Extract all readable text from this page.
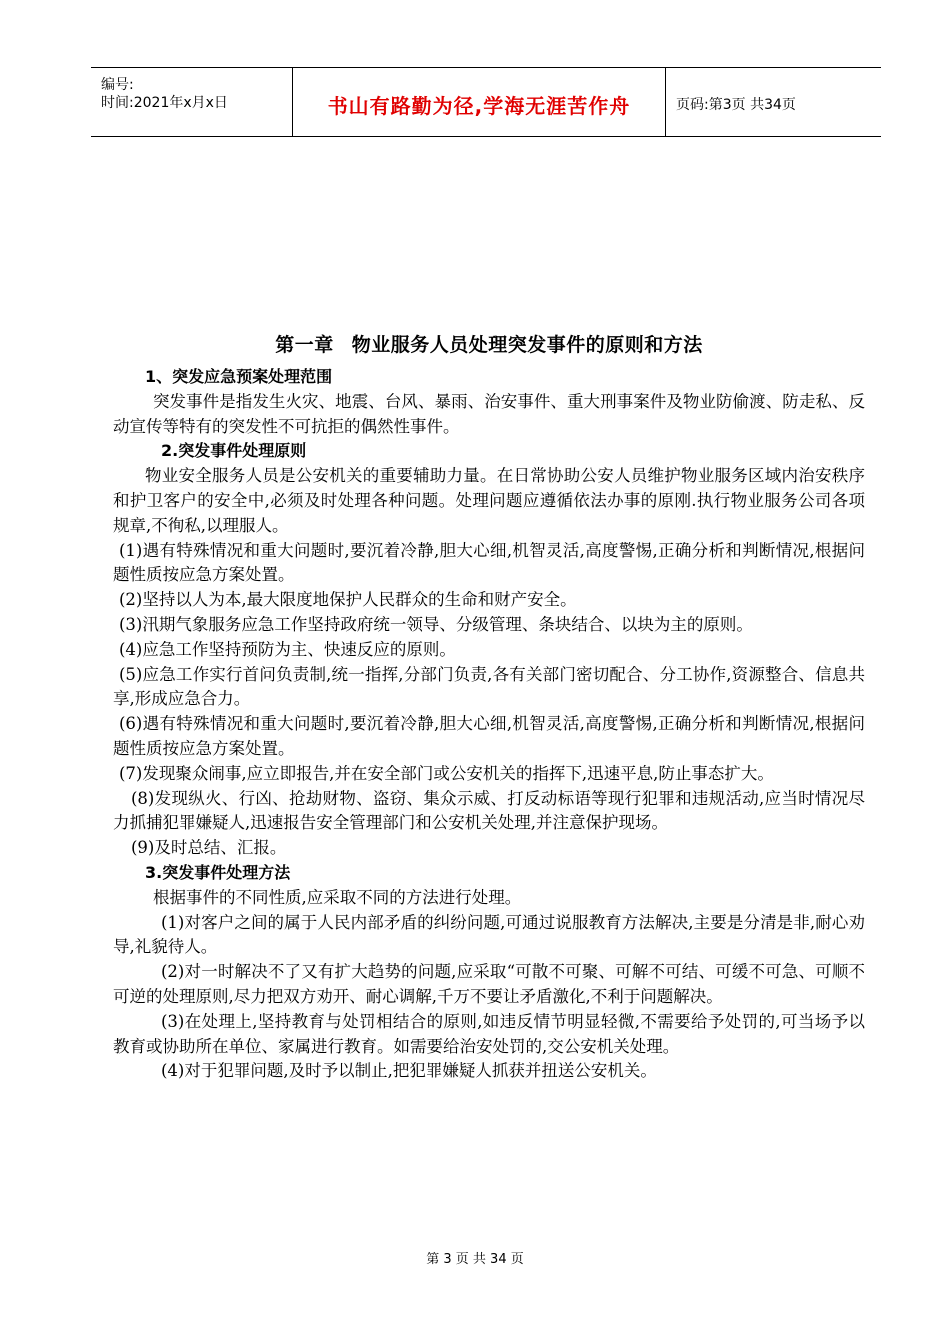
编号:
时间:2021年x月x日	书山有路勤为径,学海无涯苦作舟	页码:第3页 共34页
第一章 物业服务人员处理突发事件的原则和方法

1、突发应急预案处理范围

突发事件是指发生火灾、地震、台风、暴雨、治安事件、重大刑事案件及物业防偷渡、防走私、反动宣传等特有的突发性不可抗拒的偶然性事件。

2.突发事件处理原则

物业安全服务人员是公安机关的重要辅助力量。在日常协助公安人员维护物业服务区域内治安秩序和护卫客户的安全中,必须及时处理各种问题。处理问题应遵循依法办事的原刚.执行物业服务公司各项规章,不徇私,以理服人。

(1)遇有特殊情况和重大问题时,要沉着冷静,胆大心细,机智灵活,高度警惕,正确分析和判断情况,根据问题性质按应急方案处置。

(2)坚持以人为本,最大限度地保护人民群众的生命和财产安全。

(3)汛期气象服务应急工作坚持政府统一领导、分级管理、条块结合、以块为主的原则。

(4)应急工作坚持预防为主、快速反应的原则。

(5)应急工作实行首问负责制,统一指挥,分部门负责,各有关部门密切配合、分工协作,资源整合、信息共享,形成应急合力。

(6)遇有特殊情况和重大问题时,要沉着冷静,胆大心细,机智灵活,高度警惕,正确分析和判断情况,根据问题性质按应急方案处置。

(7)发现聚众闹事,应立即报告,并在安全部门或公安机关的指挥下,迅速平息,防止事态扩大。

(8)发现纵火、行凶、抢劫财物、盗窃、集众示威、打反动标语等现行犯罪和违规活动,应当时情况尽力抓捕犯罪嫌疑人,迅速报告安全管理部门和公安机关处理,并注意保护现场。

(9)及时总结、汇报。

3.突发事件处理方法

根据事件的不同性质,应采取不同的方法进行处理。

(1)对客户之间的属于人民内部矛盾的纠纷问题,可通过说服教育方法解决,主要是分清是非,耐心劝导,礼貌待人。

(2)对一时解决不了又有扩大趋势的问题,应采取“可散不可聚、可解不可结、可缓不可急、可顺不可逆的处理原则,尽力把双方劝开、耐心调解,千万不要让矛盾激化,不利于问题解决。

(3)在处理上,坚持教育与处罚相结合的原则,如违反情节明显轻微,不需要给予处罚的,可当场予以教育或协助所在单位、家属进行教育。如需要给治安处罚的,交公安机关处理。

(4)对于犯罪问题,及时予以制止,把犯罪嫌疑人抓获并扭送公安机关。

第 3 页 共 34 页
